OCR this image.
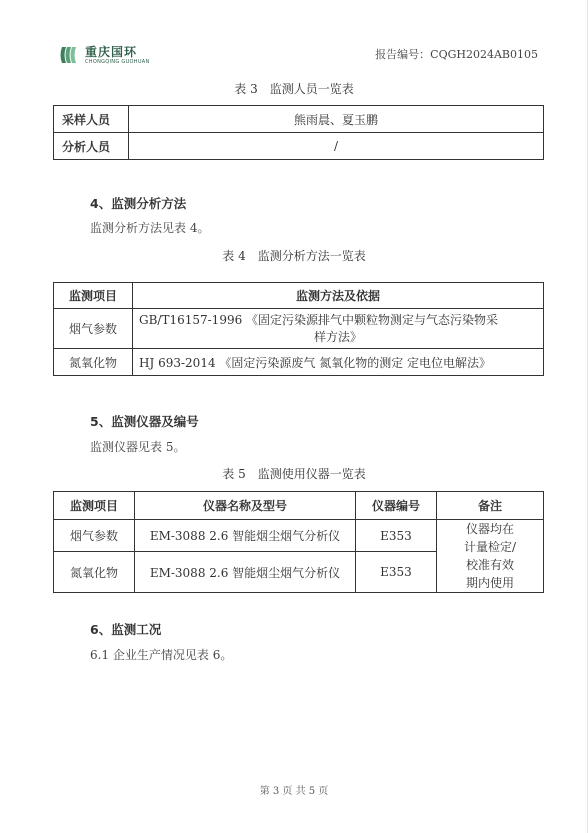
重庆国环
CHONGQING GUOHUAN
报告编号：CQGH2024AB0105
表 3　监测人员一览表
采样人员	熊雨晨、夏玉鹏
分析人员	/
4、监测分析方法
监测分析方法见表 4。
表 4　监测分析方法一览表
监测项目	监测方法及依据
烟气参数	GB/T16157-1996 《固定污染源排气中颗粒物测定与气态污染物采
样方法》

氮氧化物	HJ 693-2014 《固定污染源废气 氮氧化物的测定 定电位电解法》
5、监测仪器及编号
监测仪器见表 5。
表 5　监测使用仪器一览表
监测项目	仪器名称及型号	仪器编号	备注
烟气参数	EM-3088 2.6 智能烟尘烟气分析仪	E353	仪器均在
计量检定/
校准有效
期内使用

氮氧化物	EM-3088 2.6 智能烟尘烟气分析仪	E353	
6、监测工况
6.1 企业生产情况见表 6。
第 3 页 共 5 页
